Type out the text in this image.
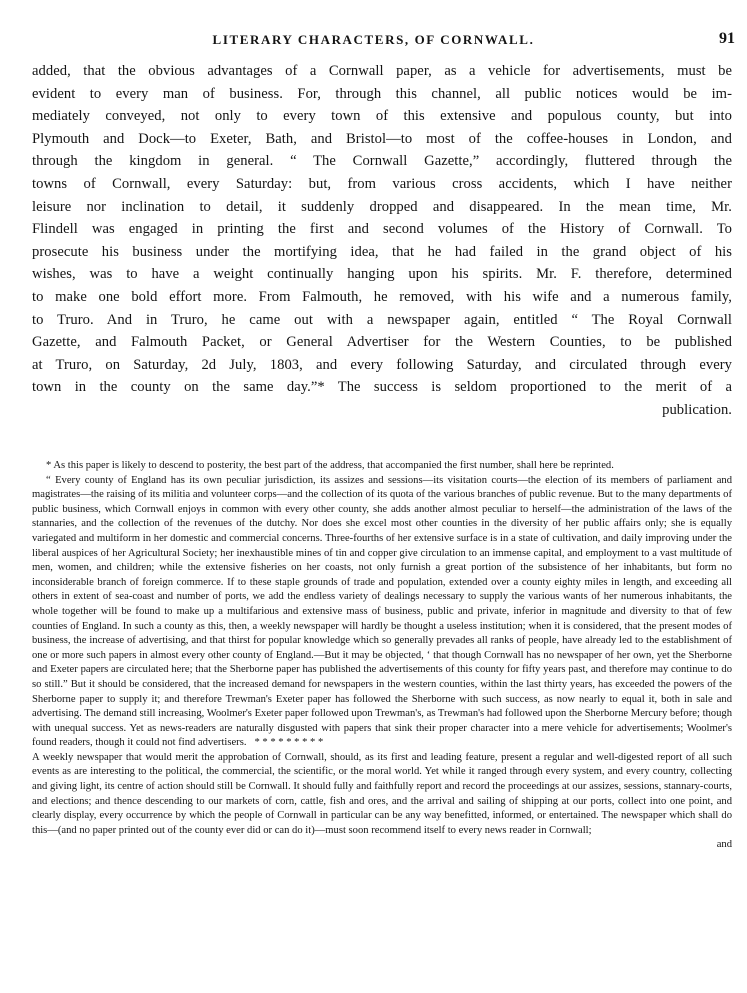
LITERARY CHARACTERS, OF CORNWALL.	91
added, that the obvious advantages of a Cornwall paper, as a vehicle for advertisements, must be
evident to every man of business. For, through this channel, all public notices would be im-
mediately conveyed, not only to every town of this extensive and populous county, but into
Plymouth and Dock—to Exeter, Bath, and Bristol—to most of the coffee-houses in London, and
through the kingdom in general. “ The Cornwall Gazette,” accordingly, fluttered through the
towns of Cornwall, every Saturday: but, from various cross accidents, which I have neither
leisure nor inclination to detail, it suddenly dropped and disappeared. In the mean time, Mr.
Flindell was engaged in printing the first and second volumes of the History of Cornwall. To
prosecute his business under the mortifying idea, that he had failed in the grand object of his
wishes, was to have a weight continually hanging upon his spirits. Mr. F. therefore, determined
to make one bold effort more. From Falmouth, he removed, with his wife and a numerous family,
to Truro. And in Truro, he came out with a newspaper again, entitled “ The Royal Cornwall
Gazette, and Falmouth Packet, or General Advertiser for the Western Counties, to be published
at Truro, on Saturday, 2d July, 1803, and every following Saturday, and circulated through every
town in the county on the same day.”* The success is seldom proportioned to the merit of a
publication.

* As this paper is likely to descend to posterity, the best part of the address, that accompanied the first number, shall here be reprinted.

“ Every county of England has its own peculiar jurisdiction, its assizes and sessions—its visitation courts—the election of its members of parliament and magistrates—the raising of its militia and volunteer corps—and the collection of its quota of the various branches of public revenue. But to the many departments of public business, which Cornwall enjoys in common with every other county, she adds another almost peculiar to herself—the administration of the laws of the stannaries, and the collection of the revenues of the dutchy. Nor does she excel most other counties in the diversity of her public affairs only; she is equally variegated and multiform in her domestic and commercial concerns. Three-fourths of her extensive surface is in a state of cultivation, and daily improving under the liberal auspices of her Agricultural Society; her inexhaustible mines of tin and copper give circulation to an immense capital, and employment to a vast multitude of men, women, and children; while the extensive fisheries on her coasts, not only furnish a great portion of the subsistence of her inhabitants, but form no inconsiderable branch of foreign commerce. If to these staple grounds of trade and population, extended over a county eighty miles in length, and exceeding all others in extent of sea-coast and number of ports, we add the endless variety of dealings necessary to supply the various wants of her numerous inhabitants, the whole together will be found to make up a multifarious and extensive mass of business, public and private, inferior in magnitude and diversity to that of few counties of England. In such a county as this, then, a weekly newspaper will hardly be thought a useless institution; when it is considered, that the present modes of business, the increase of advertising, and that thirst for popular knowledge which so generally prevades all ranks of people, have already led to the establishment of one or more such papers in almost every other county of England.—But it may be objected, ‘ that though Cornwall has no newspaper of her own, yet the Sherborne and Exeter papers are circulated here; that the Sherborne paper has published the advertisements of this county for fifty years past, and therefore may continue to do so still.” But it should be considered, that the increased demand for newspapers in the western counties, within the last thirty years, has exceeded the powers of the Sherborne paper to supply it; and therefore Trewman's Exeter paper has followed the Sherborne with such success, as now nearly to equal it, both in sale and advertising. The demand still increasing, Woolmer's Exeter paper followed upon Trewman's, as Trewman's had followed upon the Sherborne Mercury before; though with unequal success. Yet as news-readers are naturally disgusted with papers that sink their proper character into a mere vehicle for advertisements; Woolmer's found readers, though it could not find advertisers. * * * * * * * * *

A weekly newspaper that would merit the approbation of Cornwall, should, as its first and leading feature, present a regular and well-digested report of all such events as are interesting to the political, the commercial, the scientific, or the moral world. Yet while it ranged through every system, and every country, collecting and giving light, its centre of action should still be Cornwall. It should fully and faithfully report and record the proceedings at our assizes, sessions, stannary-courts, and elections; and thence descending to our markets of corn, cattle, fish and ores, and the arrival and sailing of shipping at our ports, collect into one point, and clearly display, every occurrence by which the people of Cornwall in particular can be any way benefitted, informed, or entertained. The newspaper which shall do this—(and no paper printed out of the county ever did or can do it)—must soon recommend itself to every news reader in Cornwall;
and
